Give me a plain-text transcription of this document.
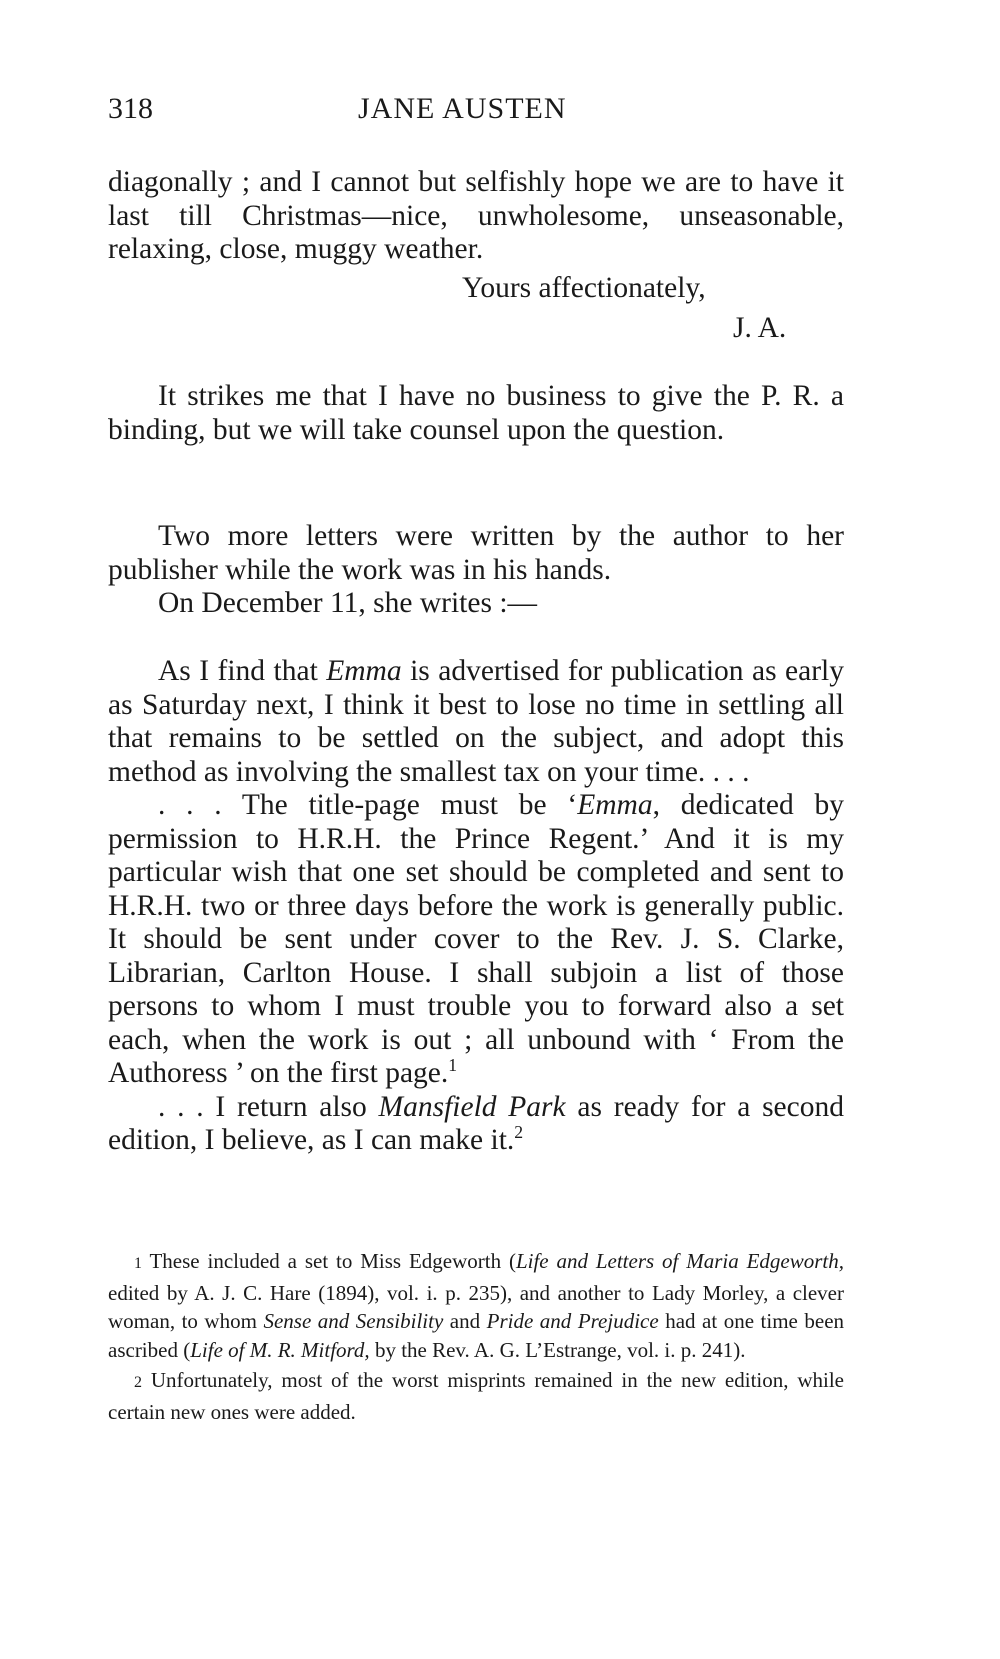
318	JANE AUSTEN

diagonally ; and I cannot but selfishly hope we are to have it last till Christmas—nice, unwholesome, unseasonable, relaxing, close, muggy weather.

Yours affectionately,
J. A.

It strikes me that I have no business to give the P. R. a binding, but we will take counsel upon the question.

Two more letters were written by the author to her publisher while the work was in his hands.

On December 11, she writes :—

As I find that Emma is advertised for publication as early as Saturday next, I think it best to lose no time in settling all that remains to be settled on the subject, and adopt this method as involving the smallest tax on your time. . . .

. . . The title-page must be ‘Emma, dedicated by permission to H.R.H. the Prince Regent.’ And it is my particular wish that one set should be completed and sent to H.R.H. two or three days before the work is generally public. It should be sent under cover to the Rev. J. S. Clarke, Librarian, Carlton House. I shall subjoin a list of those persons to whom I must trouble you to forward also a set each, when the work is out ; all unbound with ‘ From the Authoress ’ on the first page.$^1$

. . . I return also Mansfield Park as ready for a second edition, I believe, as I can make it.$^2$

1 These included a set to Miss Edgeworth (Life and Letters of Maria Edgeworth, edited by A. J. C. Hare (1894), vol. i. p. 235), and another to Lady Morley, a clever woman, to whom Sense and Sensibility and Pride and Prejudice had at one time been ascribed (Life of M. R. Mitford, by the Rev. A. G. L’Estrange, vol. i. p. 241).

2 Unfortunately, most of the worst misprints remained in the new edition, while certain new ones were added.
